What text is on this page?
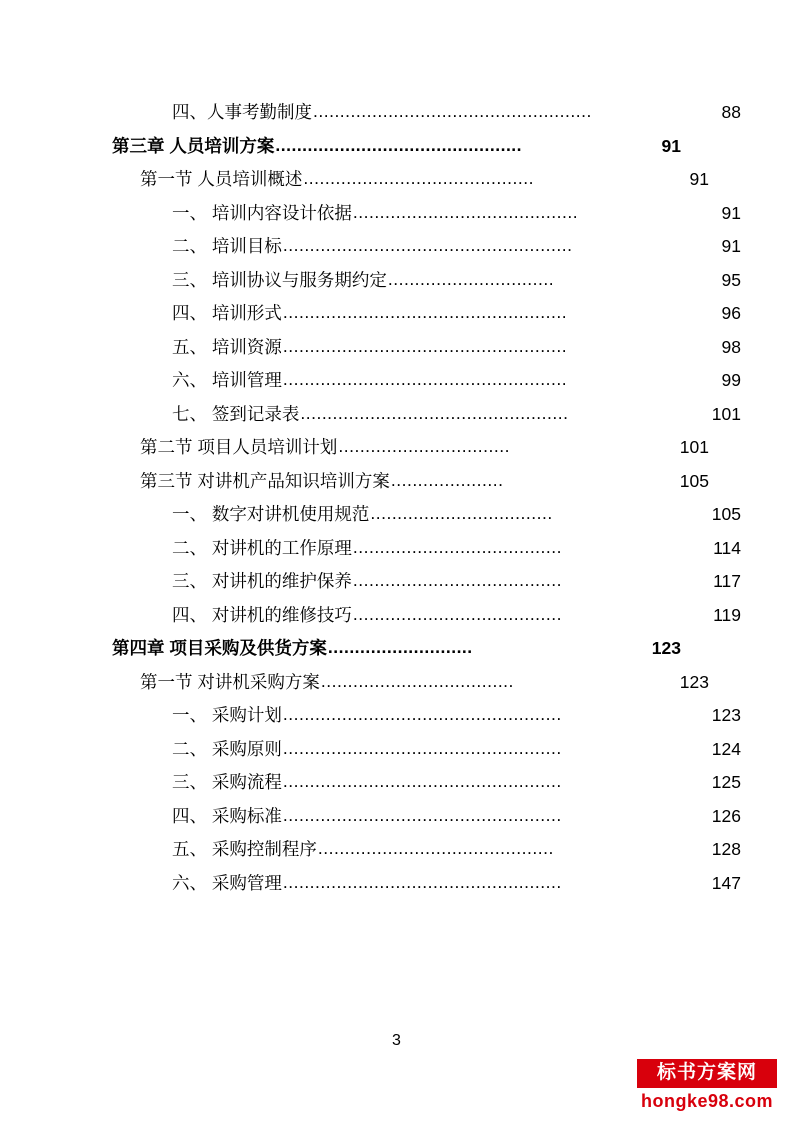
四、人事考勤制度 ....................................................	88
第三章 人员培训方案 ..............................................	91
第一节 人员培训概述 ...........................................	91
一、 培训内容设计依据 ..........................................	91
二、 培训目标 ......................................................	91
三、 培训协议与服务期约定 ...............................	95
四、 培训形式 .....................................................	96
五、 培训资源 .....................................................	98
六、 培训管理 .....................................................	99
七、 签到记录表 ..................................................	101
第二节 项目人员培训计划 ................................	101
第三节 对讲机产品知识培训方案 .....................	105
一、 数字对讲机使用规范 ..................................	105
二、 对讲机的工作原理 .......................................	114
三、 对讲机的维护保养 .......................................	117
四、 对讲机的维修技巧 .......................................	119
第四章 项目采购及供货方案 ...........................	123
第一节 对讲机采购方案 ....................................	123
一、 采购计划 ....................................................	123
二、 采购原则 ....................................................	124
三、 采购流程 ....................................................	125
四、 采购标准 ....................................................	126
五、 采购控制程序 ............................................	128
六、 采购管理 ....................................................	147
3
标书方案网
hongke98.com
